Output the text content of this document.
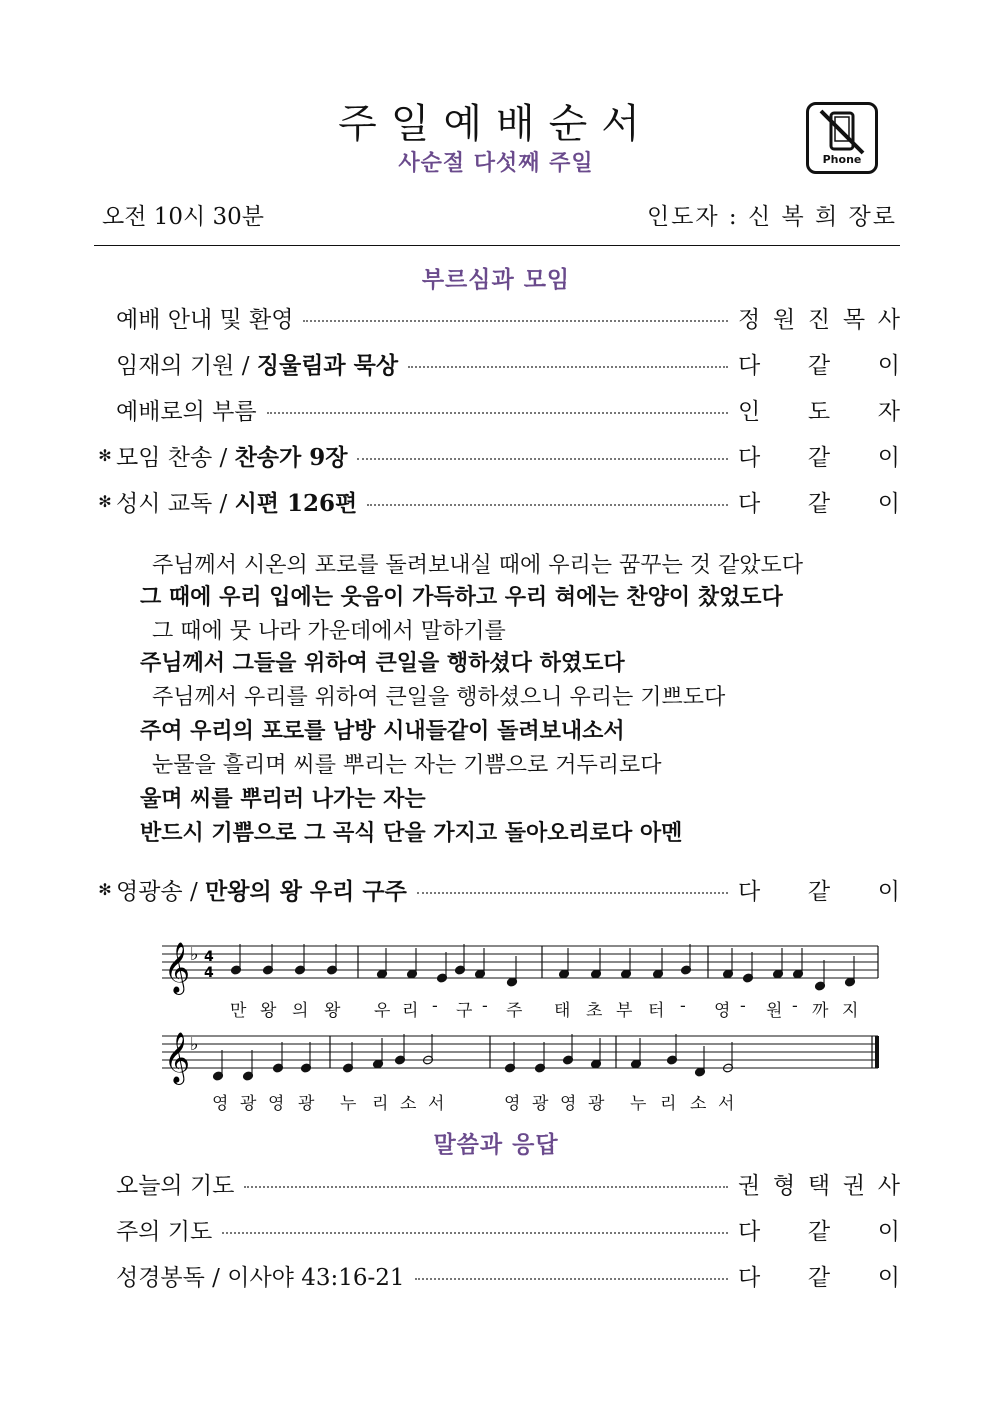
주일예배순서
사순절 다섯째 주일	Phone
오전 10시 30분	인도자 : 신 복 희 장로
부르심과 모임
예배 안내 및 환영	정 원 진 목 사
임재의 기원 / 징울림과 묵상	다 같 이
예배로의 부름	인 도 자
✻ 모임 찬송 / 찬송가 9장	다 같 이
✻ 성시 교독 / 시편 126편	다 같 이
주님께서 시온의 포로를 돌려보내실 때에 우리는 꿈꾸는 것 같았도다
그 때에 우리 입에는 웃음이 가득하고 우리 혀에는 찬양이 찼었도다
그 때에 뭇 나라 가운데에서 말하기를
주님께서 그들을 위하여 큰일을 행하셨다 하였도다
주님께서 우리를 위하여 큰일을 행하셨으니 우리는 기쁘도다
주여 우리의 포로를 남방 시내들같이 돌려보내소서
눈물을 흘리며 씨를 뿌리는 자는 기쁨으로 거두리로다
울며 씨를 뿌리러 나가는 자는
반드시 기쁨으로 그 곡식 단을 가지고 돌아오리로다 아멘
✻ 영광송 / 만왕의 왕 우리 구주	다 같 이
𝄞 ♭ 4
4
만 왕 의 왕 우 리 - 구 - 주 태 초 부 터 - 영 - 원 - 까 지
𝄞 ♭
영 광 영 광 누 리 소 서	영 광 영 광 누 리 소 서
말씀과 응답
오늘의 기도	권 형 택 권 사
주의 기도	다 같 이
성경봉독 / 이사야 43:16-21	다 같 이
